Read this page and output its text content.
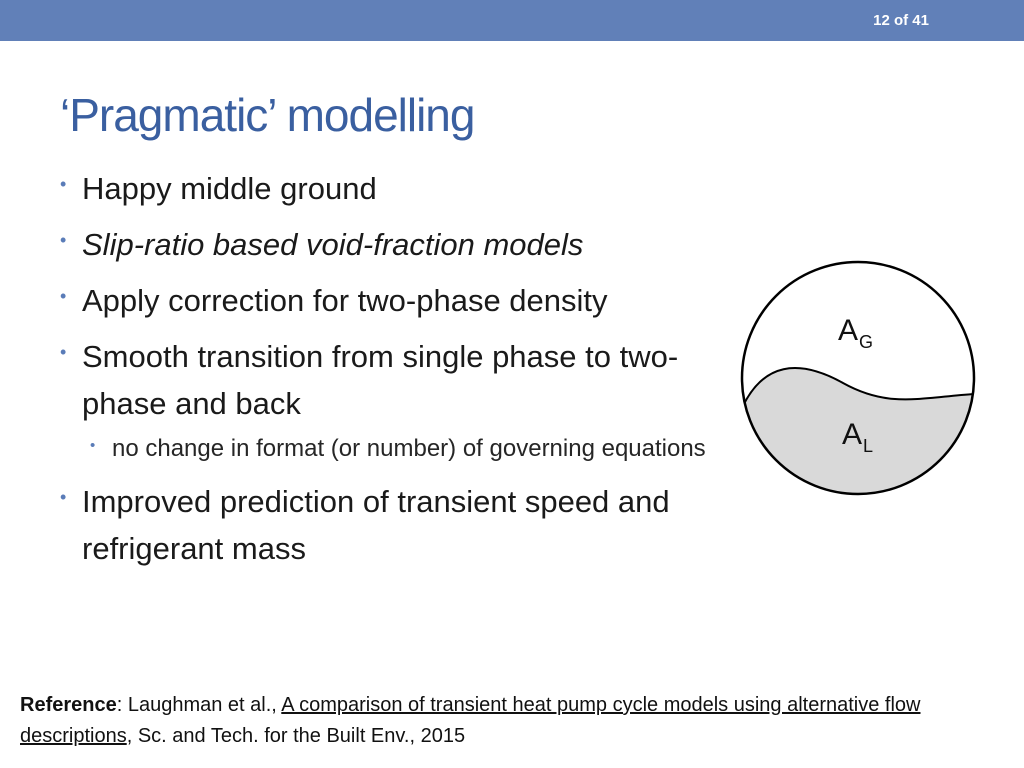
12 of 41
‘Pragmatic’ modelling
• Happy middle ground
• Slip-ratio based void-fraction models
• Apply correction for two-phase density
• Smooth transition from single phase to two-phase and back
• no change in format (or number) of governing equations
• Improved prediction of transient speed and refrigerant mass
$A_G$
$A_L$
Reference: Laughman et al., A comparison of transient heat pump cycle models using alternative flow descriptions, Sc. and Tech. for the Built Env., 2015
